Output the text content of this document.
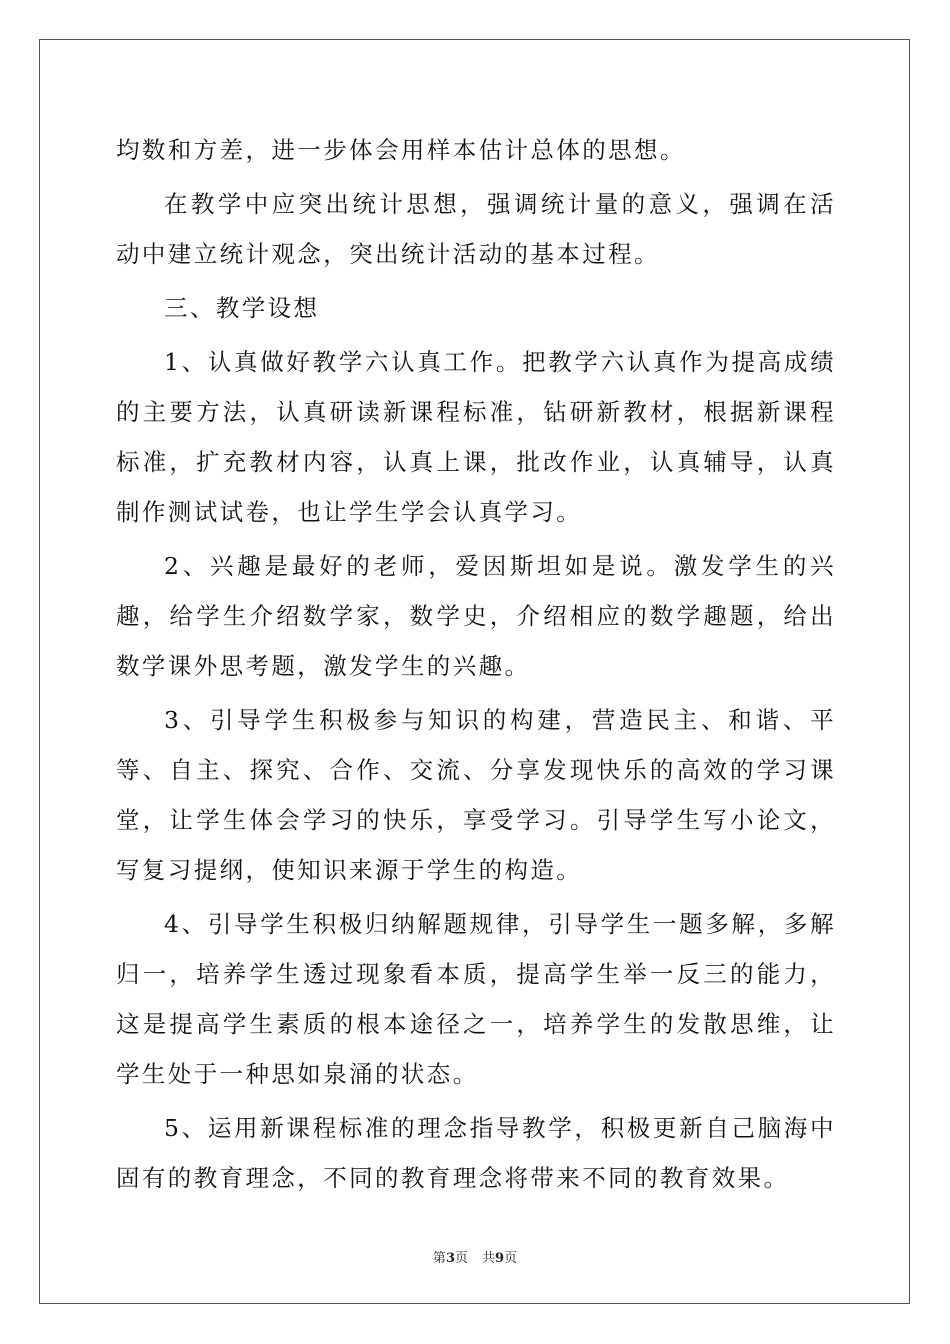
均数和方差，进一步体会用样本估计总体的思想。

在教学中应突出统计思想，强调统计量的意义，强调在活动中建立统计观念，突出统计活动的基本过程。

三、教学设想

1、认真做好教学六认真工作。把教学六认真作为提高成绩的主要方法，认真研读新课程标准，钻研新教材，根据新课程标准，扩充教材内容，认真上课，批改作业，认真辅导，认真制作测试试卷，也让学生学会认真学习。

2、兴趣是最好的老师，爱因斯坦如是说。激发学生的兴趣，给学生介绍数学家，数学史，介绍相应的数学趣题，给出数学课外思考题，激发学生的兴趣。

3、引导学生积极参与知识的构建，营造民主、和谐、平等、自主、探究、合作、交流、分享发现快乐的高效的学习课堂，让学生体会学习的快乐，享受学习。引导学生写小论文，写复习提纲，使知识来源于学生的构造。

4、引导学生积极归纳解题规律，引导学生一题多解，多解归一，培养学生透过现象看本质，提高学生举一反三的能力，这是提高学生素质的根本途径之一，培养学生的发散思维，让学生处于一种思如泉涌的状态。

5、运用新课程标准的理念指导教学，积极更新自己脑海中固有的教育理念，不同的教育理念将带来不同的教育效果。

第3页 共9页
